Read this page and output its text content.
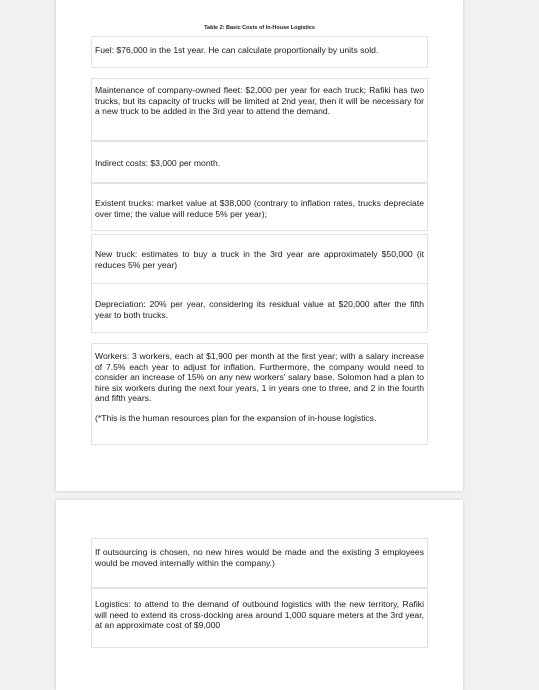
Table 2: Basic Costs of In-House Logistics

Fuel: $76,000 in the 1st year. He can calculate proportionally by units sold.

Maintenance of company-owned fleet: $2,000 per year for each truck; Rafiki has two trucks, but its capacity of trucks will be limited at 2nd year, then it will be necessary for a new truck to be added in the 3rd year to attend the demand.

Indirect costs: $3,000 per month.

Existent trucks: market value at $38,000 (contrary to inflation rates, trucks depreciate over time; the value will reduce 5% per year);

New truck: estimates to buy a truck in the 3rd year are approximately $50,000 (it reduces 5% per year)

Depreciation: 20% per year, considering its residual value at $20,000 after the fifth year to both trucks.

Workers: 3 workers, each at $1,900 per month at the first year; with a salary increase of 7.5% each year to adjust for inflation. Furthermore, the company would need to consider an increase of 15% on any new workers' salary base. Solomon had a plan to hire six workers during the next four years, 1 in years one to three, and 2 in the fourth and fifth years.

(*This is the human resources plan for the expansion of in-house logistics.

If outsourcing is chosen, no new hires would be made and the existing 3 employees would be moved internally within the company.)

Logistics: to attend to the demand of outbound logistics with the new territory, Rafiki will need to extend its cross-docking area around 1,000 square meters at the 3rd year, at an approximate cost of $9,000
